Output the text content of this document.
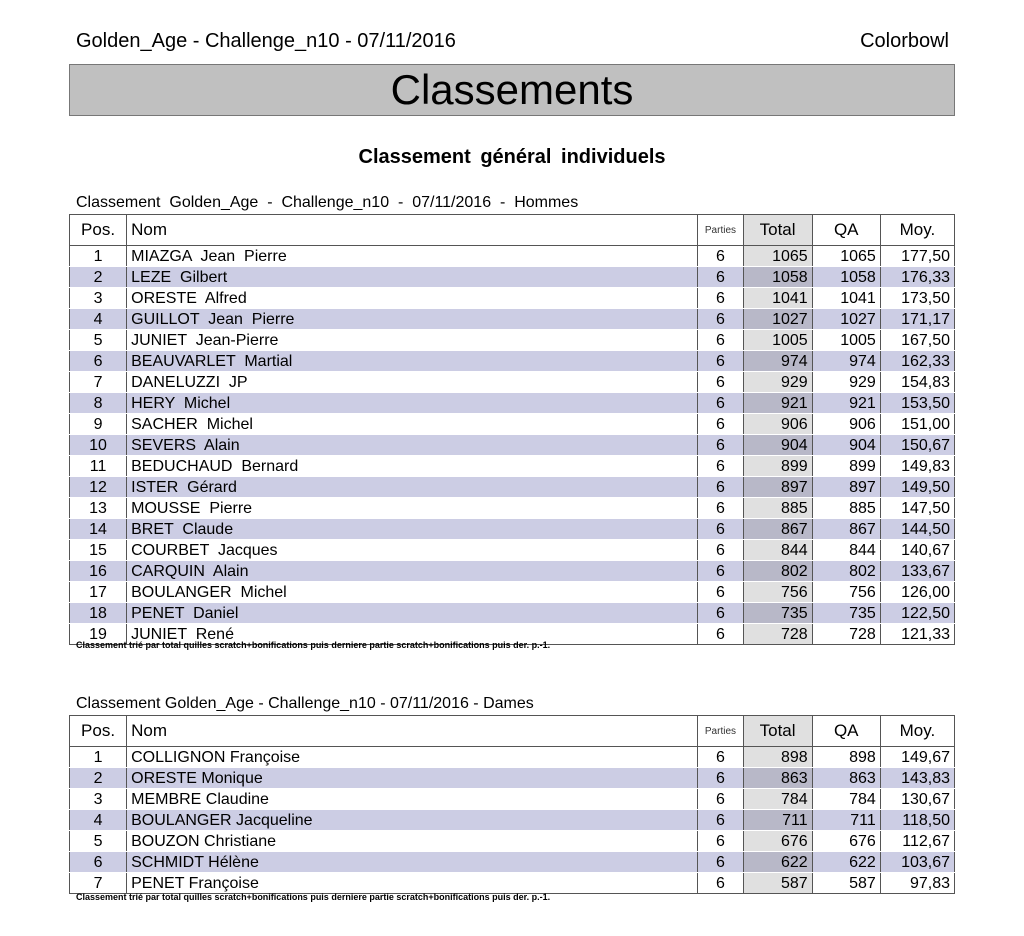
Golden_Age - Challenge_n10 - 07/11/2016	Colorbowl
Classements
Classement général individuels
Classement  Golden_Age  -  Challenge_n10  -  07/11/2016  -  Hommes
Pos.	Nom	Parties	Total	QA	Moy.
1	MIAZGA  Jean  Pierre	6	1065	1065	177,50
2	LEZE  Gilbert	6	1058	1058	176,33
3	ORESTE  Alfred	6	1041	1041	173,50
4	GUILLOT  Jean  Pierre	6	1027	1027	171,17
5	JUNIET  Jean-Pierre	6	1005	1005	167,50
6	BEAUVARLET  Martial	6	974	974	162,33
7	DANELUZZI  JP	6	929	929	154,83
8	HERY  Michel	6	921	921	153,50
9	SACHER  Michel	6	906	906	151,00
10	SEVERS  Alain	6	904	904	150,67
11	BEDUCHAUD  Bernard	6	899	899	149,83
12	ISTER  Gérard	6	897	897	149,50
13	MOUSSE  Pierre	6	885	885	147,50
14	BRET  Claude	6	867	867	144,50
15	COURBET  Jacques	6	844	844	140,67
16	CARQUIN  Alain	6	802	802	133,67
17	BOULANGER  Michel	6	756	756	126,00
18	PENET  Daniel	6	735	735	122,50
19	JUNIET  René	6	728	728	121,33
Classement trié par total quilles scratch+bonifications puis derniere partie scratch+bonifications puis der. p.-1.
Classement Golden_Age - Challenge_n10 - 07/11/2016 - Dames
Pos.	Nom	Parties	Total	QA	Moy.
1	COLLIGNON Françoise	6	898	898	149,67
2	ORESTE Monique	6	863	863	143,83
3	MEMBRE Claudine	6	784	784	130,67
4	BOULANGER Jacqueline	6	711	711	118,50
5	BOUZON Christiane	6	676	676	112,67
6	SCHMIDT Hélène	6	622	622	103,67
7	PENET Françoise	6	587	587	97,83
Classement trié par total quilles scratch+bonifications puis derniere partie scratch+bonifications puis der. p.-1.
